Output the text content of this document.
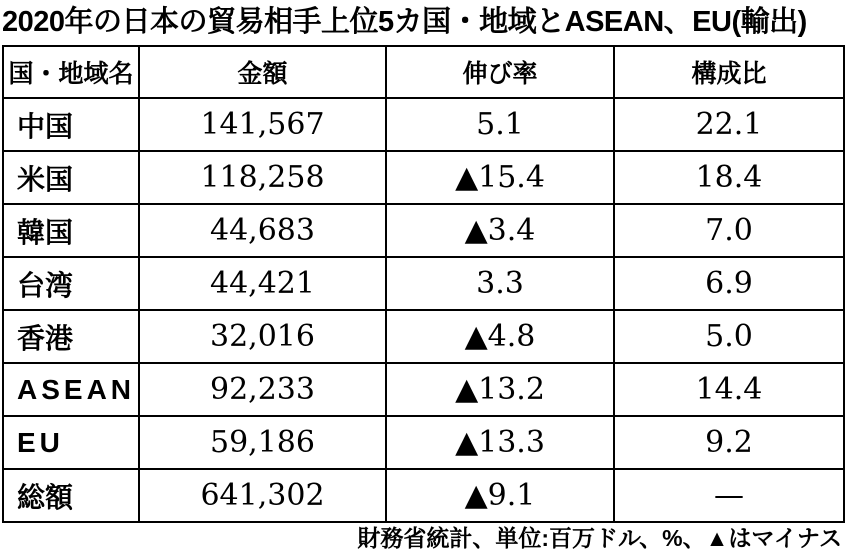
2020年の日本の貿易相手上位5カ国・地域とASEAN、EU(輸出)
国・地域名	金額	伸び率	構成比
中国	141,567	5.1	22.1
米国	118,258	▲15.4	18.4
韓国	44,683	▲3.4	7.0
台湾	44,421	3.3	6.9
香港	32,016	▲4.8	5.0
ASEAN	92,233	▲13.2	14.4
EU	59,186	▲13.3	9.2
総額	641,302	▲9.1	—
財務省統計、単位:百万ドル、%、▲はマイナス
